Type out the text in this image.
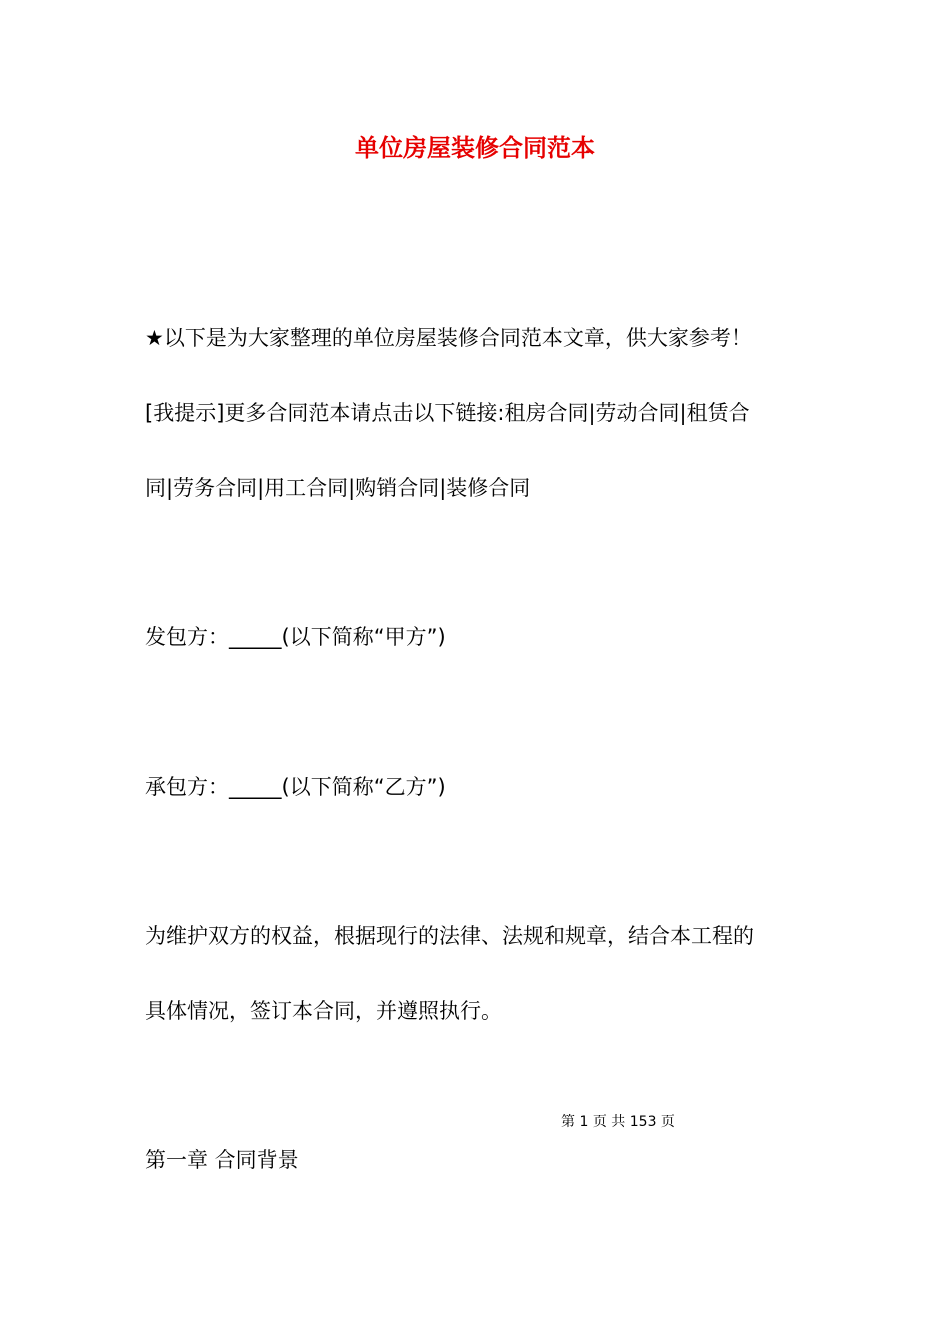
单位房屋装修合同范本
★以下是为大家整理的单位房屋装修合同范本文章，供大家参考！
[我提示]更多合同范本请点击以下链接:租房合同|劳动合同|租赁合
同|劳务合同|用工合同|购销合同|装修合同
发包方：_____(以下简称“甲方”)
承包方：_____(以下简称“乙方”)
为维护双方的权益，根据现行的法律、法规和规章，结合本工程的
具体情况，签订本合同，并遵照执行。
第 1 页 共 153 页
第一章 合同背景
